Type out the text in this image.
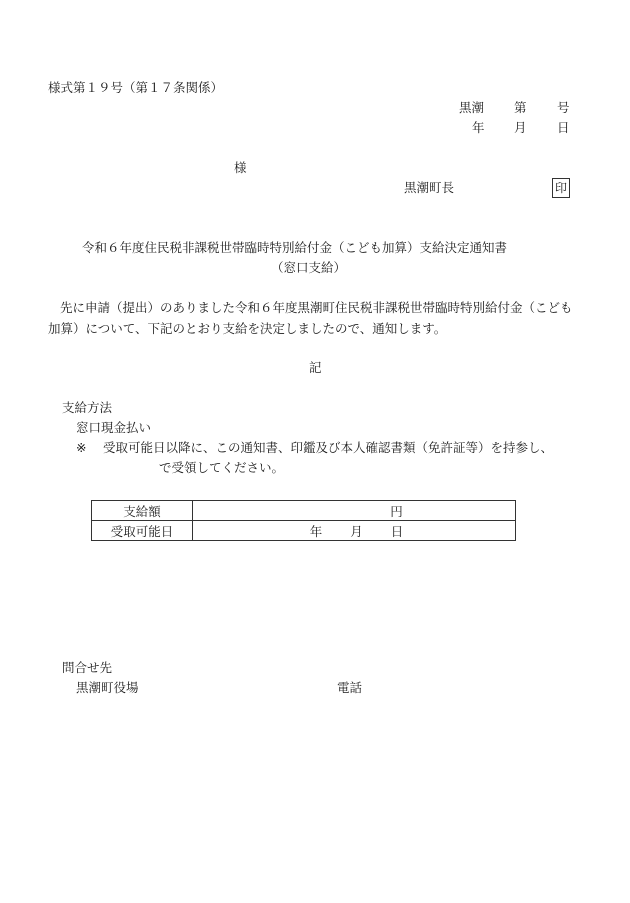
様式第１９号（第１７条関係）
黒潮 第 号
年 月 日
様
黒潮町長	印
令和６年度住民税非課税世帯臨時特別給付金（こども加算）支給決定通知書
（窓口支給）
先に申請（提出）のありました令和６年度黒潮町住民税非課税世帯臨時特別給付金（こども加算）について、下記のとおり支給を決定しましたので、通知します。
記
支給方法
窓口現金払い
※ 受取可能日以降に、この通知書、印鑑及び本人確認書類（免許証等）を持参し、
で受領してください。
支給額	円
受取可能日	年 月 日
問合せ先
黒潮町役場	電話
